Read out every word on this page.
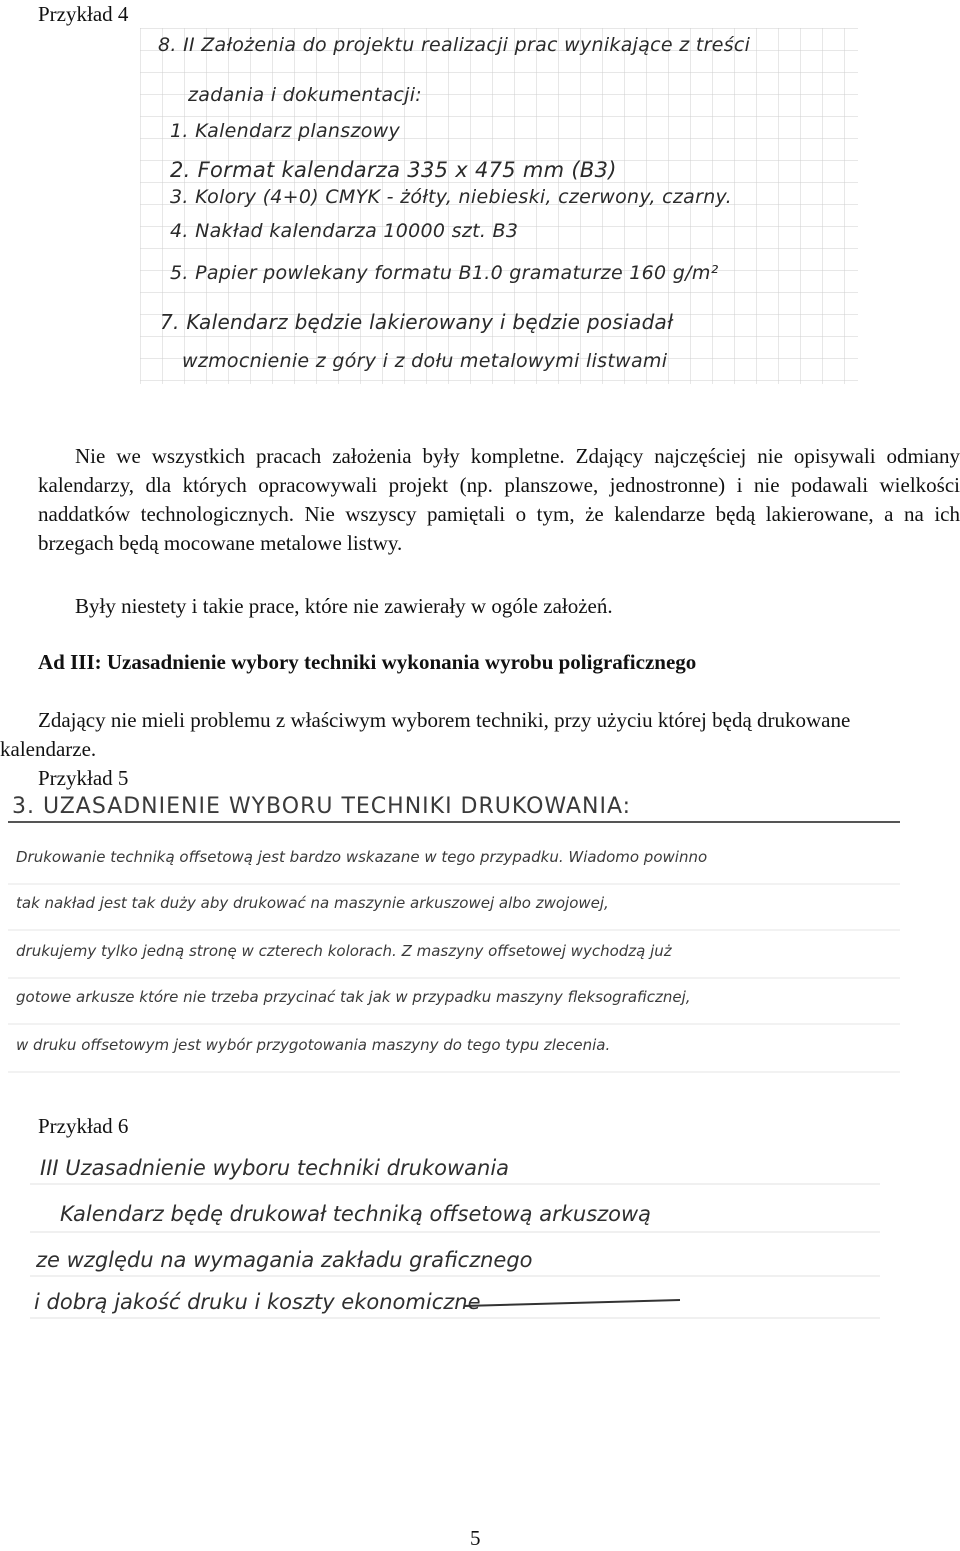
Przykład 4
8. II Założenia do projektu realizacji prac wynikające z treści
zadania i dokumentacji:
1. Kalendarz planszowy
2. Format kalendarza 335 x 475 mm (B3)
3. Kolory (4+0) CMYK - żółty, niebieski, czerwony, czarny.
4. Nakład kalendarza 10000 szt. B3
5. Papier powlekany formatu B1.0 gramaturze 160 g/m²
7. Kalendarz będzie lakierowany i będzie posiadał
wzmocnienie z góry i z dołu metalowymi listwami
Nie we wszystkich pracach założenia były kompletne. Zdający najczęściej nie opisywali odmiany kalendarzy, dla których opracowywali projekt (np. planszowe, jednostronne) i nie podawali wielkości naddatków technologicznych. Nie wszyscy pamiętali o tym, że kalendarze będą lakierowane, a na ich brzegach będą mocowane metalowe listwy.
Były niestety i takie prace, które nie zawierały w ogóle założeń.
Ad III: Uzasadnienie wybory techniki wykonania wyrobu poligraficznego
Zdający nie mieli problemu z właściwym wyborem techniki, przy użyciu której będą drukowane kalendarze.
Przykład 5
3. UZASADNIENIE WYBORU TECHNIKI DRUKOWANIA:
Drukowanie techniką offsetową jest bardzo wskazane w tego przypadku. Wiadomo powinno
tak nakład jest tak duży aby drukować na maszynie arkuszowej albo zwojowej,
drukujemy tylko jedną stronę w czterech kolorach. Z maszyny offsetowej wychodzą już
gotowe arkusze które nie trzeba przycinać tak jak w przypadku maszyny fleksograficznej,
w druku offsetowym jest wybór przygotowania maszyny do tego typu zlecenia.
Przykład 6
III Uzasadnienie wyboru techniki drukowania
Kalendarz będę drukował techniką offsetową arkuszową
ze względu na wymagania zakładu graficznego
i dobrą jakość druku i koszty ekonomiczne
5
